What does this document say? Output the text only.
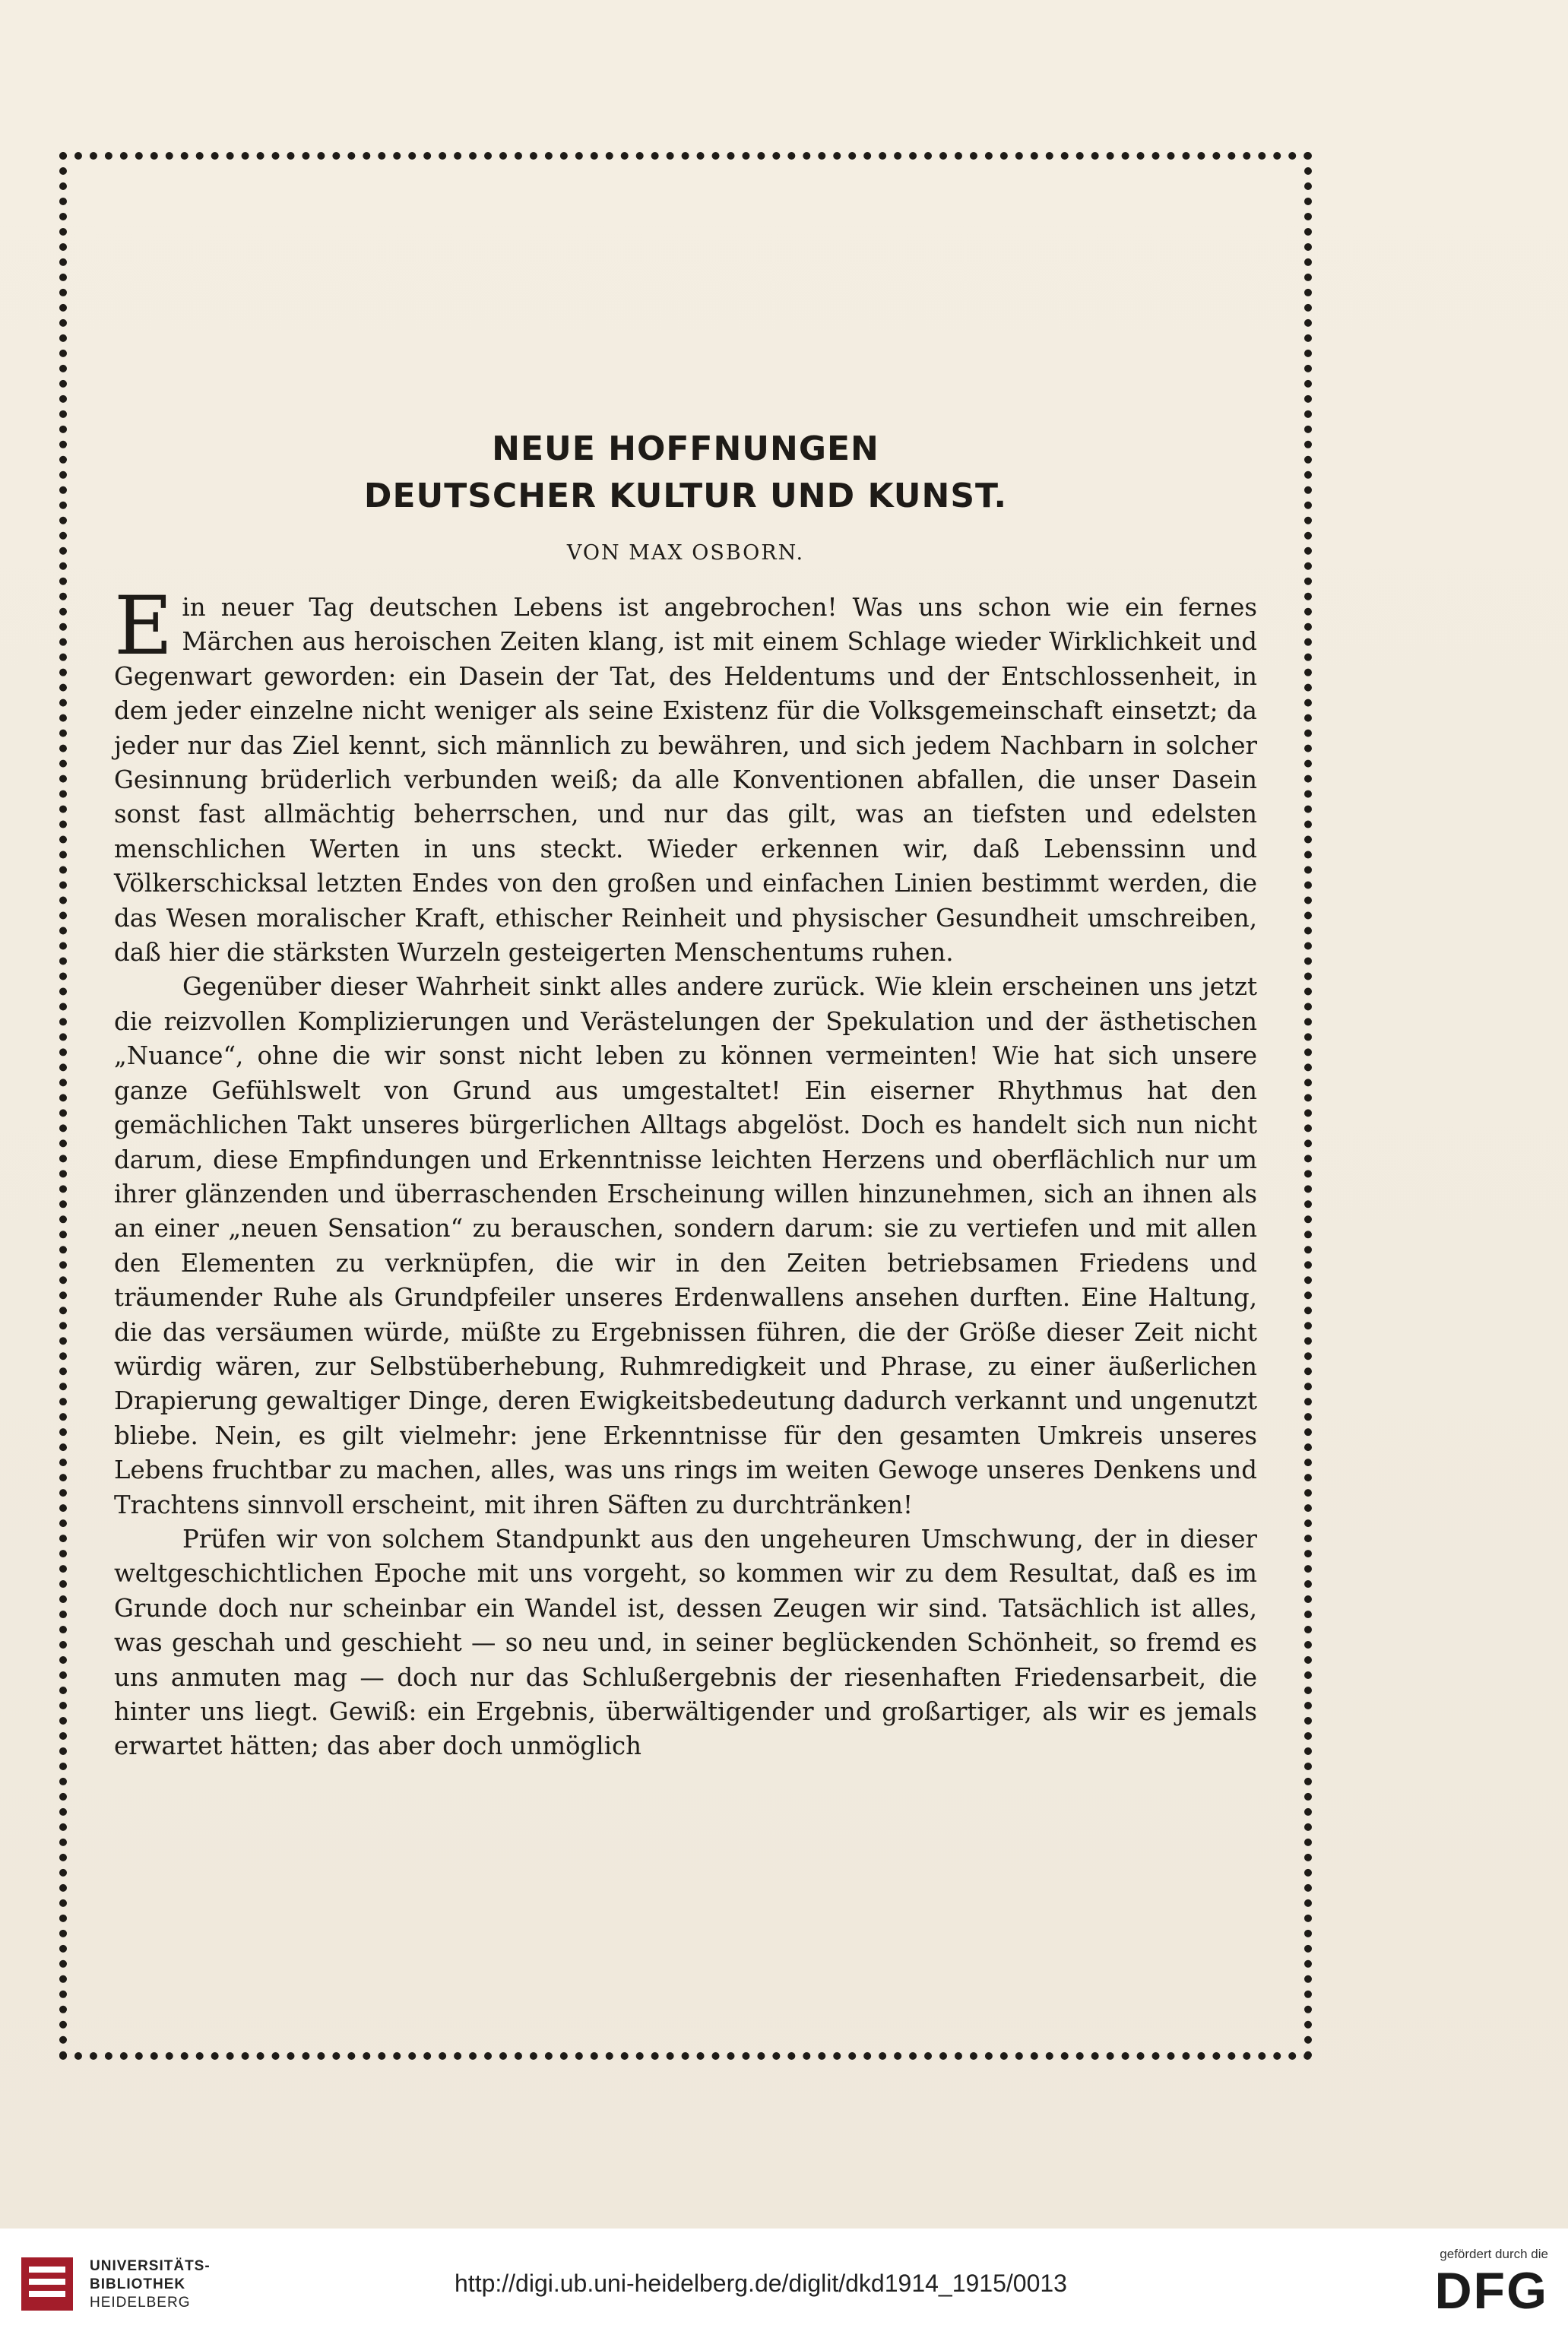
NEUE HOFFNUNGEN
DEUTSCHER KULTUR UND KUNST.
VON MAX OSBORN.

Ein neuer Tag deutschen Lebens ist angebrochen! Was uns schon wie ein fernes Märchen aus heroischen Zeiten klang, ist mit einem Schlage wieder Wirklichkeit und Gegenwart geworden: ein Dasein der Tat, des Heldentums und der Entschlossenheit, in dem jeder einzelne nicht weniger als seine Existenz für die Volksgemeinschaft einsetzt; da jeder nur das Ziel kennt, sich männlich zu bewähren, und sich jedem Nachbarn in solcher Gesinnung brüderlich verbunden weiß; da alle Konventionen abfallen, die unser Dasein sonst fast allmächtig beherrschen, und nur das gilt, was an tiefsten und edelsten menschlichen Werten in uns steckt. Wieder erkennen wir, daß Lebenssinn und Völkerschicksal letzten Endes von den großen und einfachen Linien bestimmt werden, die das Wesen moralischer Kraft, ethischer Reinheit und physischer Gesundheit umschreiben, daß hier die stärksten Wurzeln gesteigerten Menschentums ruhen.

Gegenüber dieser Wahrheit sinkt alles andere zurück. Wie klein erscheinen uns jetzt die reizvollen Komplizierungen und Verästelungen der Spekulation und der ästhetischen „Nuance“, ohne die wir sonst nicht leben zu können vermeinten! Wie hat sich unsere ganze Gefühlswelt von Grund aus umgestaltet! Ein eiserner Rhythmus hat den gemächlichen Takt unseres bürgerlichen Alltags abgelöst. Doch es handelt sich nun nicht darum, diese Empfindungen und Erkenntnisse leichten Herzens und oberflächlich nur um ihrer glänzenden und überraschenden Erscheinung willen hinzunehmen, sich an ihnen als an einer „neuen Sensation“ zu berauschen, sondern darum: sie zu vertiefen und mit allen den Elementen zu verknüpfen, die wir in den Zeiten betriebsamen Friedens und träumender Ruhe als Grundpfeiler unseres Erdenwallens ansehen durften. Eine Haltung, die das versäumen würde, müßte zu Ergebnissen führen, die der Größe dieser Zeit nicht würdig wären, zur Selbstüberhebung, Ruhmredigkeit und Phrase, zu einer äußerlichen Drapierung gewaltiger Dinge, deren Ewigkeitsbedeutung dadurch verkannt und ungenutzt bliebe. Nein, es gilt vielmehr: jene Erkenntnisse für den gesamten Umkreis unseres Lebens fruchtbar zu machen, alles, was uns rings im weiten Gewoge unseres Denkens und Trachtens sinnvoll erscheint, mit ihren Säften zu durchtränken!

Prüfen wir von solchem Standpunkt aus den ungeheuren Umschwung, der in dieser weltgeschichtlichen Epoche mit uns vorgeht, so kommen wir zu dem Resultat, daß es im Grunde doch nur scheinbar ein Wandel ist, dessen Zeugen wir sind. Tatsächlich ist alles, was geschah und geschieht — so neu und, in seiner beglückenden Schönheit, so fremd es uns anmuten mag — doch nur das Schlußergebnis der riesenhaften Friedensarbeit, die hinter uns liegt. Gewiß: ein Ergebnis, überwältigender und großartiger, als wir es jemals erwartet hätten; das aber doch unmöglich

UNIVERSITÄTS-
BIBLIOTHEK
HEIDELBERG
http://digi.ub.uni-heidelberg.de/diglit/dkd1914_1915/0013
gefördert durch die
DFG
